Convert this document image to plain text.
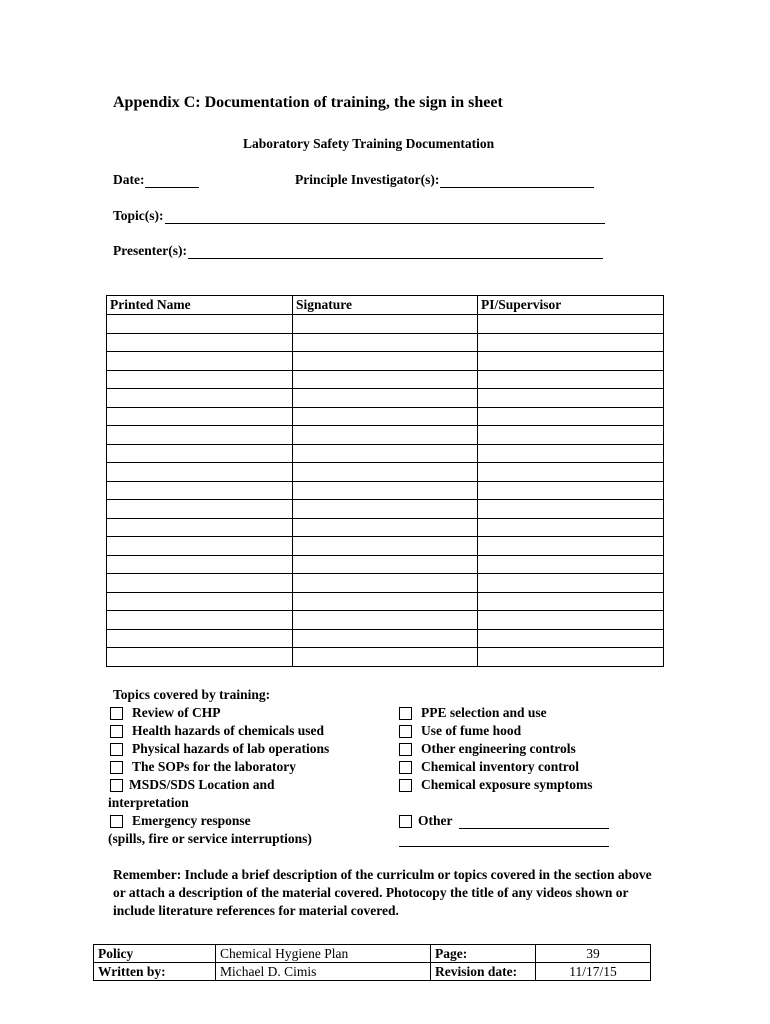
Appendix C: Documentation of training, the sign in sheet
Laboratory Safety Training Documentation
Date:	Principle Investigator(s):
Topic(s):
Presenter(s):
Printed Name	Signature	PI/Supervisor

Topics covered by training:
Review of CHP
Health hazards of chemicals used
Physical hazards of lab operations
The SOPs for the laboratory
MSDS/SDS Location and
interpretation
Emergency response
(spills, fire or service interruptions)
PPE selection and use
Use of fume hood
Other engineering controls
Chemical inventory control
Chemical exposure symptoms
Other
Remember: Include a brief description of the curriculm or topics covered in the section above or attach a description of the material covered. Photocopy the title of any videos shown or include literature references for material covered.
Policy	Chemical Hygiene Plan	Page:	39
Written by:	Michael D. Cimis	Revision date:	11/17/15
